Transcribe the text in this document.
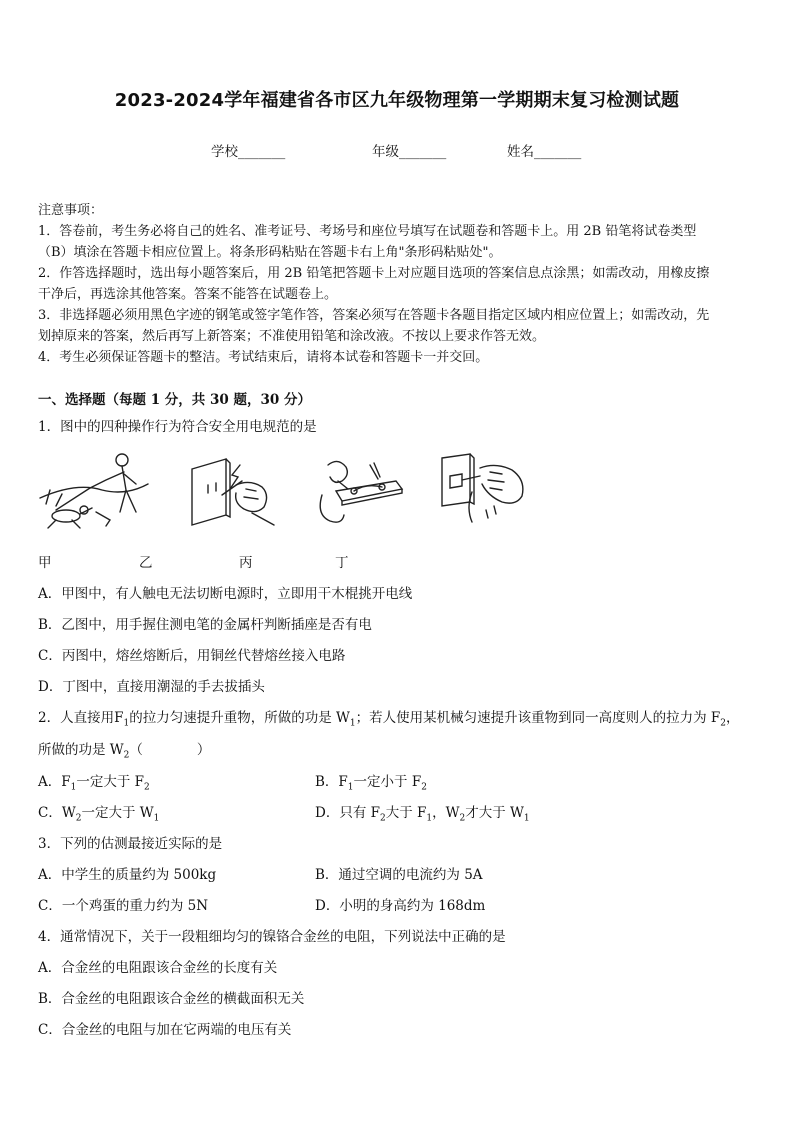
2023-2024学年福建省各市区九年级物理第一学期期末复习检测试题
学校_______	年级_______	姓名_______
注意事项：
1．答卷前，考生务必将自己的姓名、准考证号、考场号和座位号填写在试题卷和答题卡上。用 2B 铅笔将试卷类型
（B）填涂在答题卡相应位置上。将条形码粘贴在答题卡右上角"条形码粘贴处"。
2．作答选择题时，选出每小题答案后，用 2B 铅笔把答题卡上对应题目选项的答案信息点涂黑；如需改动，用橡皮擦
干净后，再选涂其他答案。答案不能答在试题卷上。
3．非选择题必须用黑色字迹的钢笔或签字笔作答，答案必须写在答题卡各题目指定区域内相应位置上；如需改动，先
划掉原来的答案，然后再写上新答案；不准使用铅笔和涂改液。不按以上要求作答无效。
4．考生必须保证答题卡的整洁。考试结束后，请将本试卷和答题卡一并交回。
一、选择题（每题 1 分，共 30 题，30 分）
1．图中的四种操作行为符合安全用电规范的是
甲	乙	丙	丁
A．甲图中，有人触电无法切断电源时，立即用干木棍挑开电线
B．乙图中，用手握住测电笔的金属杆判断插座是否有电
C．丙图中，熔丝熔断后，用铜丝代替熔丝接入电路
D．丁图中，直接用潮湿的手去拔插头
2．人直接用$F_1$的拉力匀速提升重物，所做的功是 $W_1$；若人使用某机械匀速提升该重物到同一高度则人的拉力为 $F_2$，
所做的功是 $W_2$（　　　　）
A．$F_1$一定大于 $F_2$	B．$F_1$一定小于 $F_2$
C．$W_2$一定大于 $W_1$	D．只有 $F_2$大于 $F_1$，$W_2$才大于 $W_1$
3．下列的估测最接近实际的是
A．中学生的质量约为 500kg	B．通过空调的电流约为 5A
C．一个鸡蛋的重力约为 5N	D．小明的身高约为 168dm
4．通常情况下，关于一段粗细均匀的镍铬合金丝的电阻，下列说法中正确的是
A．合金丝的电阻跟该合金丝的长度有关
B．合金丝的电阻跟该合金丝的横截面积无关
C．合金丝的电阻与加在它两端的电压有关
